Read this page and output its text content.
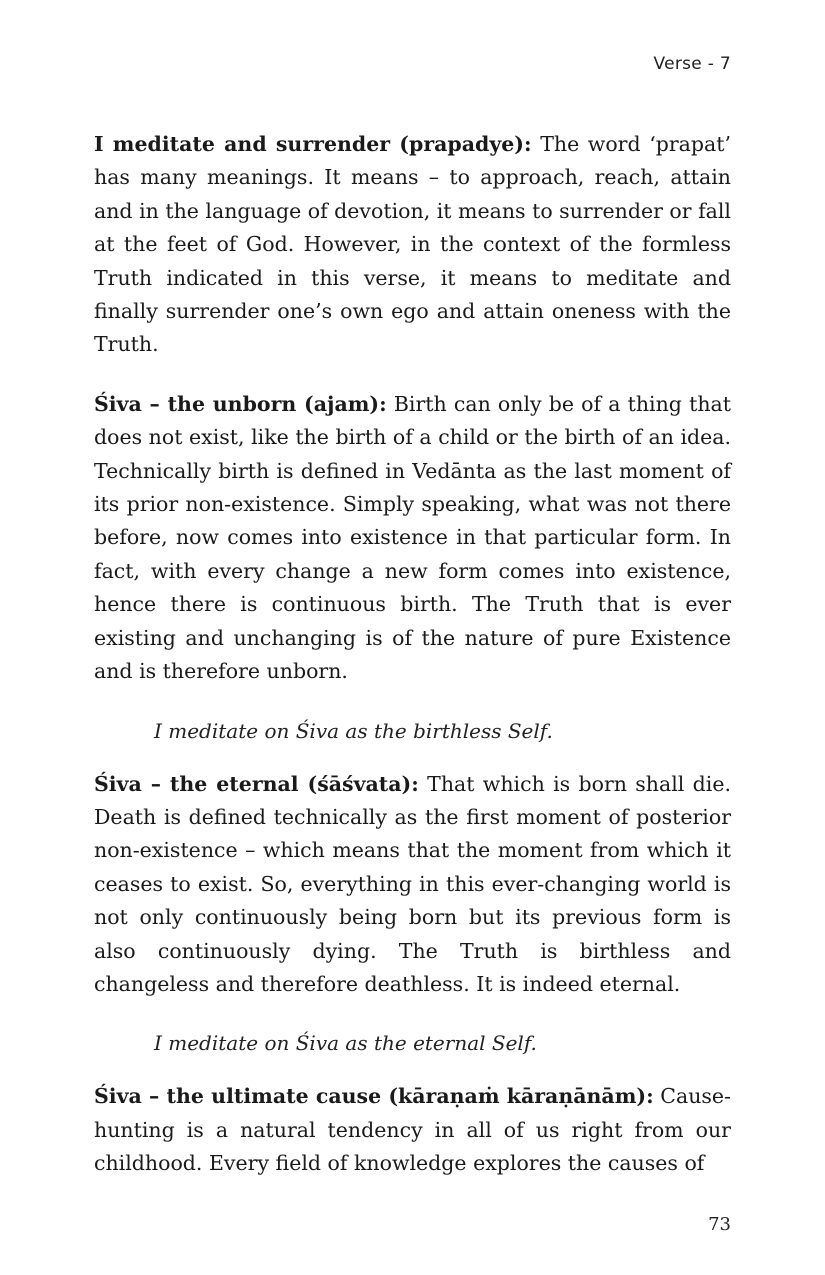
Verse - 7

I meditate and surrender (prapadye): The word ‘prapat’ has many meanings. It means – to approach, reach, attain and in the language of devotion, it means to surrender or fall at the feet of God. However, in the context of the formless Truth indicated in this verse, it means to meditate and finally surrender one’s own ego and attain oneness with the Truth.

Śiva – the unborn (ajam): Birth can only be of a thing that does not exist, like the birth of a child or the birth of an idea. Technically birth is defined in Vedānta as the last moment of its prior non-existence. Simply speaking, what was not there before, now comes into existence in that particular form. In fact, with every change a new form comes into existence, hence there is continuous birth. The Truth that is ever existing and unchanging is of the nature of pure Existence and is therefore unborn.

I meditate on Śiva as the birthless Self.

Śiva – the eternal (śāśvata): That which is born shall die. Death is defined technically as the first moment of posterior non-existence – which means that the moment from which it ceases to exist. So, everything in this ever-changing world is not only continuously being born but its previous form is also continuously dying. The Truth is birthless and changeless and therefore deathless. It is indeed eternal.

I meditate on Śiva as the eternal Self.

Śiva – the ultimate cause (kāraṇaṁ kāraṇānām): Cause-hunting is a natural tendency in all of us right from our childhood. Every field of knowledge explores the causes of

73
